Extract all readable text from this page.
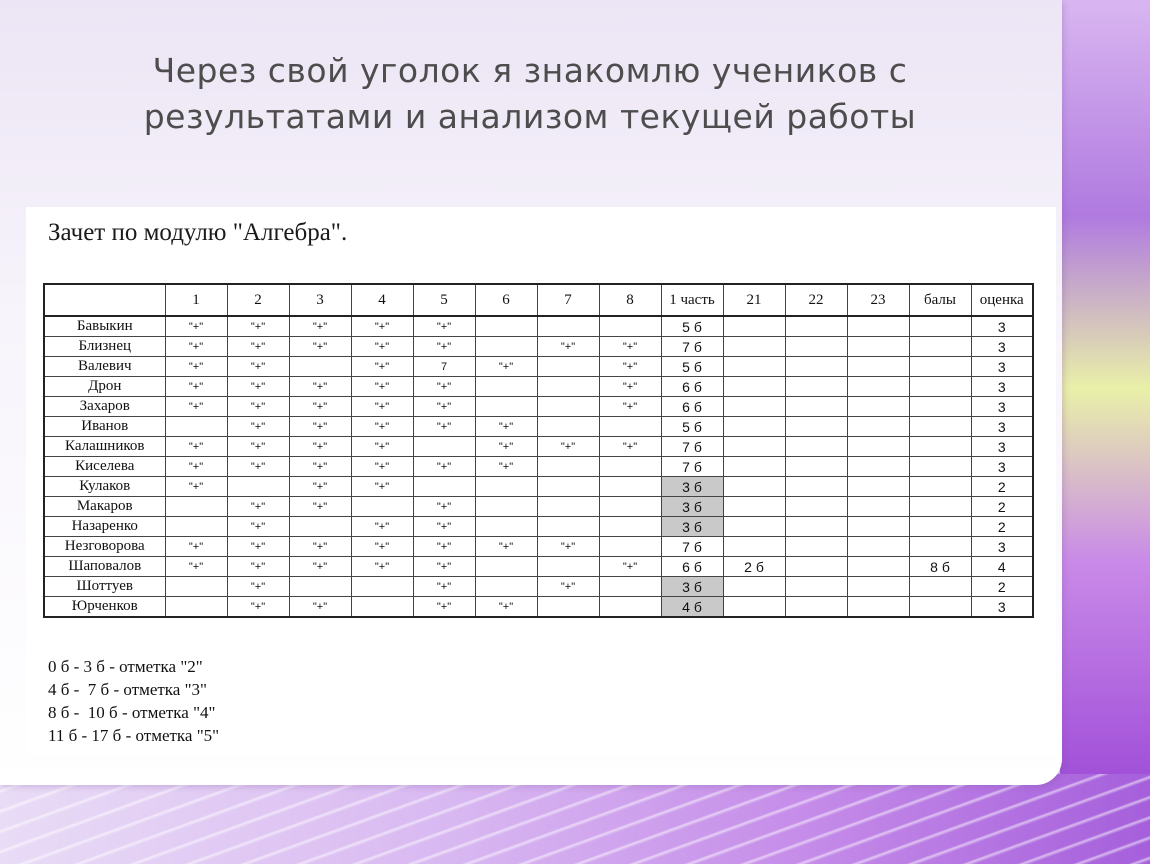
Через свой уголок я знакомлю учеников с результатами и анализом текущей работы
Зачет по модулю "Алгебра".
	1	2	3	4	5	6	7	8	1 часть	21	22	23	балы	оценка
Бавыкин	"+"	"+"	"+"	"+"	"+"				5 б					3
Близнец	"+"	"+"	"+"	"+"	"+"		"+"	"+"	7 б					3
Валевич	"+"	"+"		"+"	7	"+"		"+"	5 б					3
Дрон	"+"	"+"	"+"	"+"	"+"			"+"	6 б					3
Захаров	"+"	"+"	"+"	"+"	"+"			"+"	6 б					3
Иванов		"+"	"+"	"+"	"+"	"+"			5 б					3
Калашников	"+"	"+"	"+"	"+"		"+"	"+"	"+"	7 б					3
Киселева	"+"	"+"	"+"	"+"	"+"	"+"			7 б					3
Кулаков	"+"		"+"	"+"					3 б					2
Макаров		"+"	"+"		"+"				3 б					2
Назаренко		"+"		"+"	"+"				3 б					2
Незговорова	"+"	"+"	"+"	"+"	"+"	"+"	"+"		7 б					3
Шаповалов	"+"	"+"	"+"	"+"	"+"			"+"	6 б	2 б			8 б	4
Шоттуев		"+"			"+"		"+"		3 б					2
Юрченков		"+"	"+"		"+"	"+"			4 б					3
0 б - 3 б - отметка "2"
4 б -  7 б - отметка "3"
8 б -  10 б - отметка "4"
11 б - 17 б - отметка "5"
